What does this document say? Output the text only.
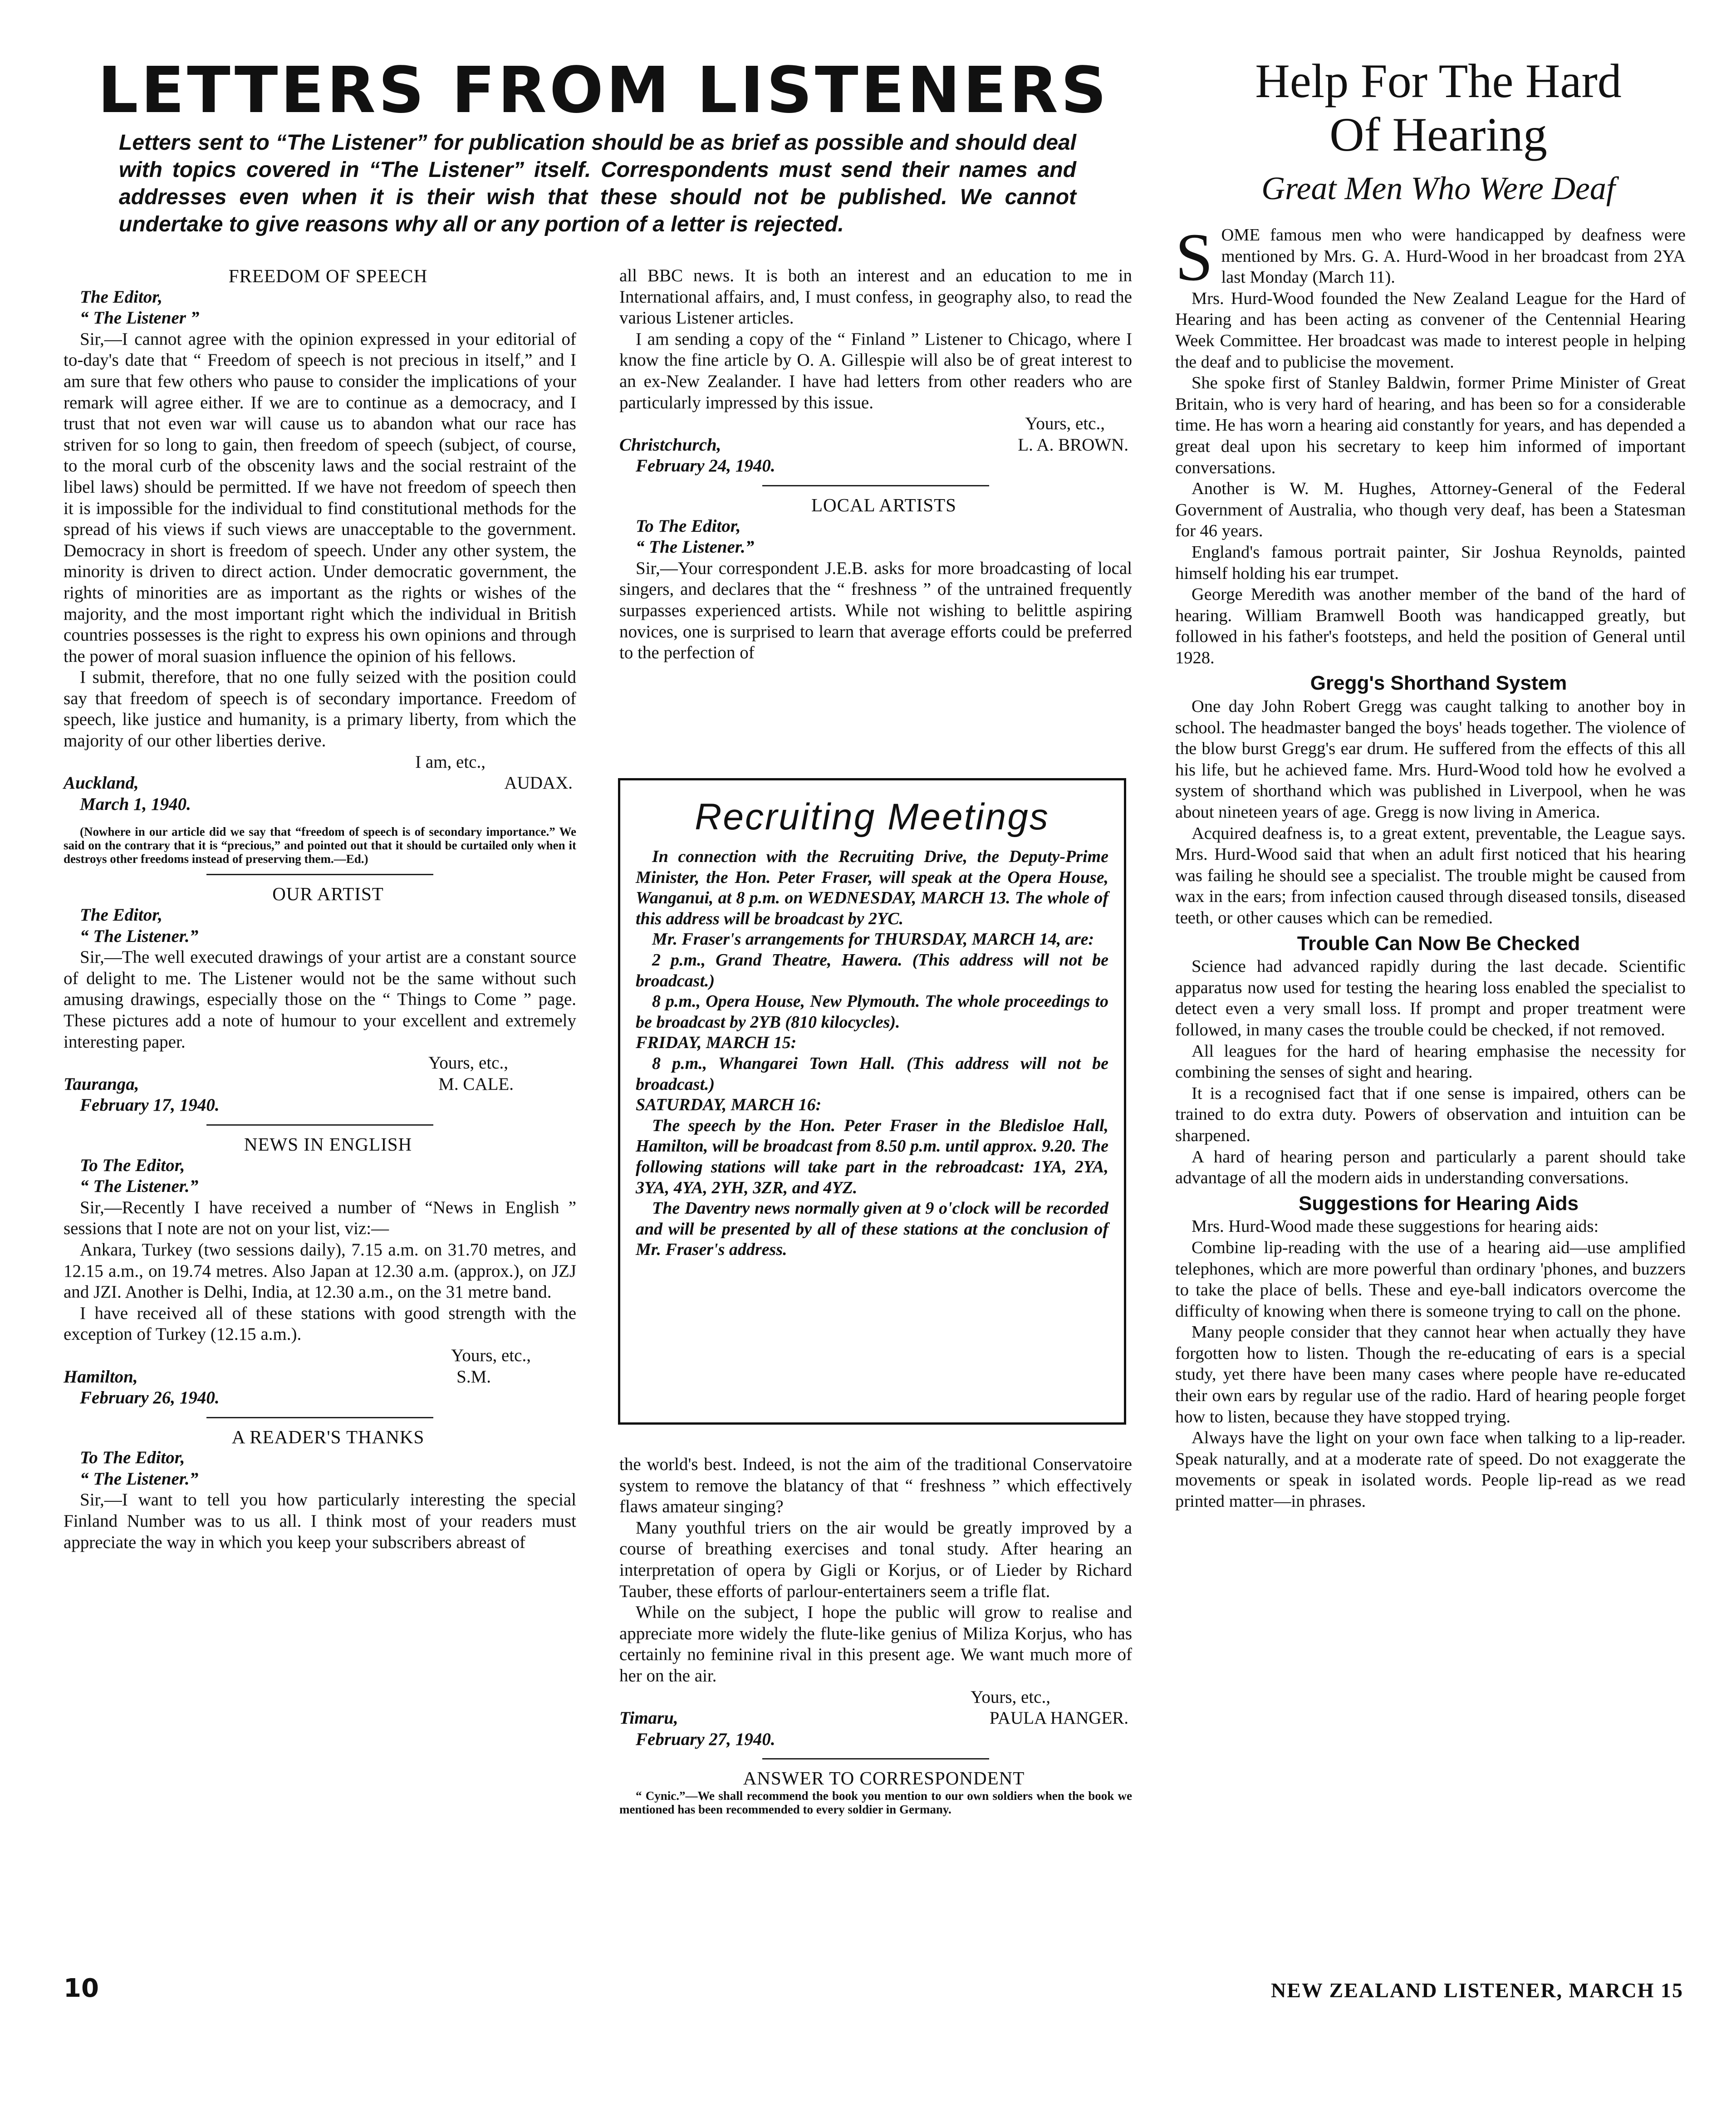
LETTERS FROM LISTENERS
Letters sent to “The Listener” for publication should be as brief as possible and should deal with topics covered in “The Listener” itself. Correspondents must send their names and addresses even when it is their wish that these should not be published. We cannot undertake to give reasons why all or any portion of a letter is rejected.

FREEDOM OF SPEECH

The Editor,

“ The Listener ”

Sir,—I cannot agree with the opinion expressed in your editorial of to-day's date that “ Freedom of speech is not precious in itself,” and I am sure that few others who pause to consider the implications of your remark will agree either. If we are to continue as a democracy, and I trust that not even war will cause us to abandon what our race has striven for so long to gain, then freedom of speech (subject, of course, to the moral curb of the obscenity laws and the social restraint of the libel laws) should be permitted. If we have not freedom of speech then it is impossible for the individual to find constitutional methods for the spread of his views if such views are unacceptable to the government. Democracy in short is freedom of speech. Under any other system, the minority is driven to direct action. Under democratic government, the rights of minorities are as important as the rights or wishes of the majority, and the most important right which the individual in British countries possesses is the right to express his own opinions and through the power of moral suasion influence the opinion of his fellows.

I submit, therefore, that no one fully seized with the position could say that freedom of speech is of secondary importance. Freedom of speech, like justice and humanity, is a primary liberty, from which the majority of our other liberties derive.

I am, etc.,

Auckland,	AUDAX.

March 1, 1940.

(Nowhere in our article did we say that “freedom of speech is of secondary importance.” We said on the contrary that it is “precious,” and pointed out that it should be curtailed only when it destroys other freedoms instead of preserving them.—Ed.)

OUR ARTIST

The Editor,

“ The Listener.”

Sir,—The well executed drawings of your artist are a constant source of delight to me. The Listener would not be the same without such amusing drawings, especially those on the “ Things to Come ” page. These pictures add a note of humour to your excellent and extremely interesting paper.

Yours, etc.,

Tauranga,	M. CALE.

February 17, 1940.

NEWS IN ENGLISH

To The Editor,

“ The Listener.”

Sir,—Recently I have received a number of “News in English ” sessions that I note are not on your list, viz:—

Ankara, Turkey (two sessions daily), 7.15 a.m. on 31.70 metres, and 12.15 a.m., on 19.74 metres. Also Japan at 12.30 a.m. (approx.), on JZJ and JZI. Another is Delhi, India, at 12.30 a.m., on the 31 metre band.

I have received all of these stations with good strength with the exception of Turkey (12.15 a.m.).

Yours, etc.,

Hamilton,	S.M.

February 26, 1940.

A READER'S THANKS

To The Editor,

“ The Listener.”

Sir,—I want to tell you how particularly interesting the special Finland Number was to us all. I think most of your readers must appreciate the way in which you keep your subscribers abreast of

all BBC news. It is both an interest and an education to me in International affairs, and, I must confess, in geography also, to read the various Listener articles.

I am sending a copy of the “ Finland ” Listener to Chicago, where I know the fine article by O. A. Gillespie will also be of great interest to an ex-New Zealander. I have had letters from other readers who are particularly impressed by this issue.

Yours, etc.,

Christchurch,	L. A. BROWN.

February 24, 1940.

LOCAL ARTISTS

To The Editor,

“ The Listener.”

Sir,—Your correspondent J.E.B. asks for more broadcasting of local singers, and declares that the “ freshness ” of the untrained frequently surpasses experienced artists. While not wishing to belittle aspiring novices, one is surprised to learn that average efforts could be preferred to the perfection of

Recruiting Meetings

In connection with the Recruiting Drive, the Deputy-Prime Minister, the Hon. Peter Fraser, will speak at the Opera House, Wanganui, at 8 p.m. on WEDNESDAY, MARCH 13. The whole of this address will be broadcast by 2YC.

Mr. Fraser's arrangements for THURSDAY, MARCH 14, are:

2 p.m., Grand Theatre, Hawera. (This address will not be broadcast.)

8 p.m., Opera House, New Plymouth. The whole proceedings to be broadcast by 2YB (810 kilocycles).

FRIDAY, MARCH 15:

8 p.m., Whangarei Town Hall. (This address will not be broadcast.)

SATURDAY, MARCH 16:

The speech by the Hon. Peter Fraser in the Bledisloe Hall, Hamilton, will be broadcast from 8.50 p.m. until approx. 9.20. The following stations will take part in the rebroadcast: 1YA, 2YA, 3YA, 4YA, 2YH, 3ZR, and 4YZ.

The Daventry news normally given at 9 o'clock will be recorded and will be presented by all of these stations at the conclusion of Mr. Fraser's address.

the world's best. Indeed, is not the aim of the traditional Conservatoire system to remove the blatancy of that “ freshness ” which effectively flaws amateur singing?

Many youthful triers on the air would be greatly improved by a course of breathing exercises and tonal study. After hearing an interpretation of opera by Gigli or Korjus, or of Lieder by Richard Tauber, these efforts of parlour-entertainers seem a trifle flat.

While on the subject, I hope the public will grow to realise and appreciate more widely the flute-like genius of Miliza Korjus, who has certainly no feminine rival in this present age. We want much more of her on the air.

Yours, etc.,

Timaru,	PAULA HANGER.

February 27, 1940.

ANSWER TO CORRESPONDENT

“ Cynic.”—We shall recommend the book you mention to our own soldiers when the book we mentioned has been recommended to every soldier in Germany.

Help For The Hard
Of Hearing
Great Men Who Were Deaf

S OME famous men who were handicapped by deafness were mentioned by Mrs. G. A. Hurd-Wood in her broadcast from 2YA last Monday (March 11).

Mrs. Hurd-Wood founded the New Zealand League for the Hard of Hearing and has been acting as convener of the Centennial Hearing Week Committee. Her broadcast was made to interest people in helping the deaf and to publicise the movement.

She spoke first of Stanley Baldwin, former Prime Minister of Great Britain, who is very hard of hearing, and has been so for a considerable time. He has worn a hearing aid constantly for years, and has depended a great deal upon his secretary to keep him informed of important conversations.

Another is W. M. Hughes, Attorney-General of the Federal Government of Australia, who though very deaf, has been a Statesman for 46 years.

England's famous portrait painter, Sir Joshua Reynolds, painted himself holding his ear trumpet.

George Meredith was another member of the band of the hard of hearing. William Bramwell Booth was handicapped greatly, but followed in his father's footsteps, and held the position of General until 1928.

Gregg's Shorthand System

One day John Robert Gregg was caught talking to another boy in school. The headmaster banged the boys' heads together. The violence of the blow burst Gregg's ear drum. He suffered from the effects of this all his life, but he achieved fame. Mrs. Hurd-Wood told how he evolved a system of shorthand which was published in Liverpool, when he was about nineteen years of age. Gregg is now living in America.

Acquired deafness is, to a great extent, preventable, the League says. Mrs. Hurd-Wood said that when an adult first noticed that his hearing was failing he should see a specialist. The trouble might be caused from wax in the ears; from infection caused through diseased tonsils, diseased teeth, or other causes which can be remedied.

Trouble Can Now Be Checked

Science had advanced rapidly during the last decade. Scientific apparatus now used for testing the hearing loss enabled the specialist to detect even a very small loss. If prompt and proper treatment were followed, in many cases the trouble could be checked, if not removed.

All leagues for the hard of hearing emphasise the necessity for combining the senses of sight and hearing.

It is a recognised fact that if one sense is impaired, others can be trained to do extra duty. Powers of observation and intuition can be sharpened.

A hard of hearing person and particularly a parent should take advantage of all the modern aids in understanding conversations.

Suggestions for Hearing Aids

Mrs. Hurd-Wood made these suggestions for hearing aids:

Combine lip-reading with the use of a hearing aid—use amplified telephones, which are more powerful than ordinary 'phones, and buzzers to take the place of bells. These and eye-ball indicators overcome the difficulty of knowing when there is someone trying to call on the phone.

Many people consider that they cannot hear when actually they have forgotten how to listen. Though the re-educating of ears is a special study, yet there have been many cases where people have re-educated their own ears by regular use of the radio. Hard of hearing people forget how to listen, because they have stopped trying.

Always have the light on your own face when talking to a lip-reader. Speak naturally, and at a moderate rate of speed. Do not exaggerate the movements or speak in isolated words. People lip-read as we read printed matter—in phrases.

10	NEW ZEALAND LISTENER, MARCH 15
